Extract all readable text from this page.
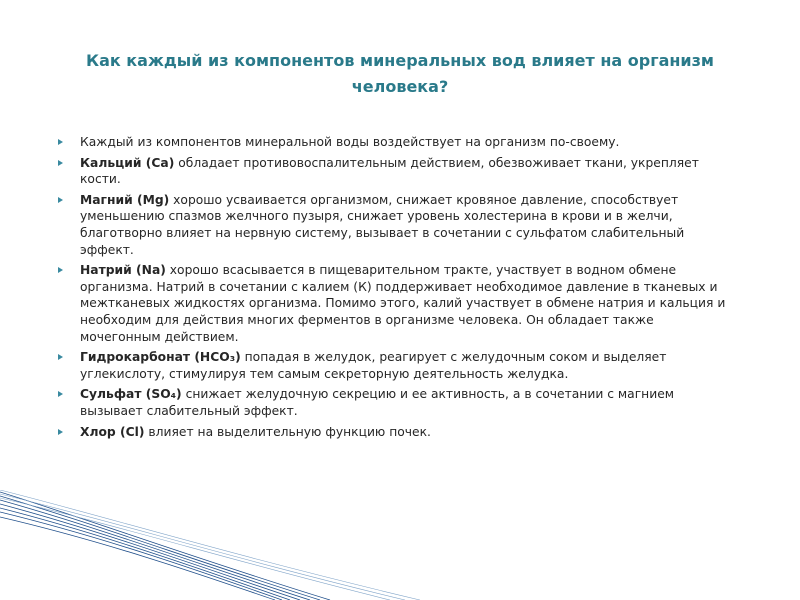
Как каждый из компонентов минеральных вод влияет на организм человека?
Каждый из компонентов минеральной воды воздействует на организм по-своему.
Кальций (Ca) обладает противовоспалительным действием, обезвоживает ткани, укрепляет кости.
Магний (Mg) хорошо усваивается организмом, снижает кровяное давление, способствует уменьшению спазмов желчного пузыря, снижает уровень холестерина в крови и в желчи, благотворно влияет на нервную систему, вызывает в сочетании с сульфатом слабительный эффект.
Натрий (Na) хорошо всасывается в пищеварительном тракте, участвует в водном обмене организма. Натрий в сочетании с калием (К) поддерживает необходимое давление в тканевых и межтканевых жидкостях организма. Помимо этого, калий участвует в обмене натрия и кальция и необходим для действия многих ферментов в организме человека. Он обладает также мочегонным действием.
Гидрокарбонат (HCO₃) попадая в желудок, реагирует с желудочным соком и выделяет углекислоту, стимулируя тем самым секреторную деятельность желудка.
Сульфат (SO₄) снижает желудочную секрецию и ее активность, а в сочетании с магнием вызывает слабительный эффект.
Хлор (Cl) влияет на выделительную функцию почек.
